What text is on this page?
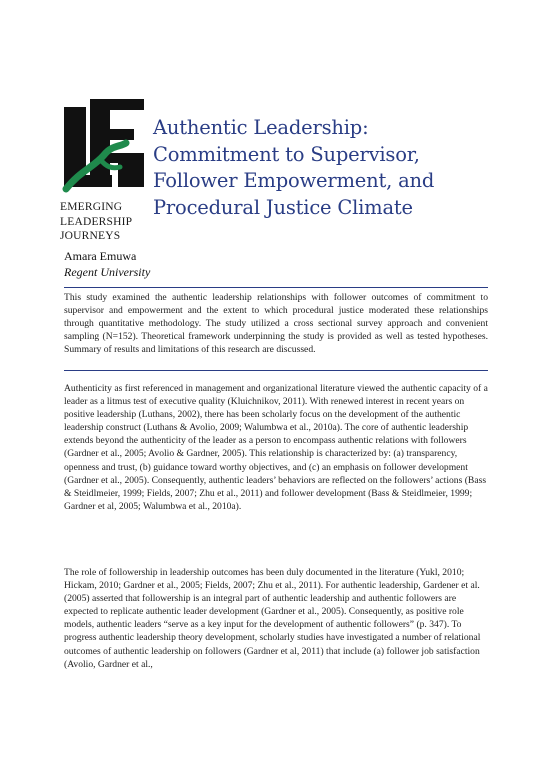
EMERGING
LEADERSHIP
JOURNEYS
Authentic Leadership:
Commitment to Supervisor,
Follower Empowerment, and
Procedural Justice Climate
Amara Emuwa
Regent University
This study examined the authentic leadership relationships with follower outcomes of commitment to supervisor and empowerment and the extent to which procedural justice moderated these relationships through quantitative methodology. The study utilized a cross sectional survey approach and convenient sampling (N=152). Theoretical framework underpinning the study is provided as well as tested hypotheses. Summary of results and limitations of this research are discussed.
Authenticity as first referenced in management and organizational literature viewed the authentic capacity of a leader as a litmus test of executive quality (Kluichnikov, 2011). With renewed interest in recent years on positive leadership (Luthans, 2002), there has been scholarly focus on the development of the authentic leadership construct (Luthans & Avolio, 2009; Walumbwa et al., 2010a). The core of authentic leadership extends beyond the authenticity of the leader as a person to encompass authentic relations with followers (Gardner et al., 2005; Avolio & Gardner, 2005). This relationship is characterized by: (a) transparency, openness and trust, (b) guidance toward worthy objectives, and (c) an emphasis on follower development (Gardner et al., 2005). Consequently, authentic leaders’ behaviors are reflected on the followers’ actions (Bass & Steidlmeier, 1999; Fields, 2007; Zhu et al., 2011) and follower development (Bass & Steidlmeier, 1999; Gardner et al, 2005; Walumbwa et al., 2010a).
The role of followership in leadership outcomes has been duly documented in the literature (Yukl, 2010; Hickam, 2010; Gardner et al., 2005; Fields, 2007; Zhu et al., 2011). For authentic leadership, Gardener et al. (2005) asserted that followership is an integral part of authentic leadership and authentic followers are expected to replicate authentic leader development (Gardner et al., 2005). Consequently, as positive role models, authentic leaders “serve as a key input for the development of authentic followers” (p. 347). To progress authentic leadership theory development, scholarly studies have investigated a number of relational outcomes of authentic leadership on followers (Gardner et al, 2011) that include (a) follower job satisfaction (Avolio, Gardner et al.,
